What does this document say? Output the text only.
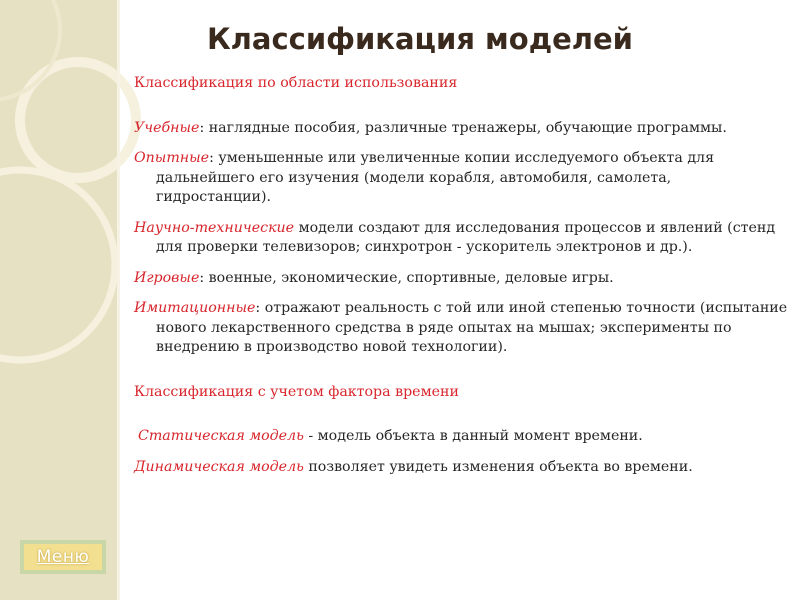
Классификация моделей

Классификация по области использования

Учебные: наглядные пособия, различные тренажеры, обучающие программы.

Опытные: уменьшенные или увеличенные копии исследуемого объекта для дальнейшего его изучения (модели корабля, автомобиля, самолета, гидростанции).

Научно-технические модели создают для исследования процессов и явлений (стенд для проверки телевизоров; синхротрон - ускоритель электронов и др.).

Игровые: военные, экономические, спортивные, деловые игры.

Имитационные: отражают реальность с той или иной степенью точности (испытание нового лекарственного средства в ряде опытах на мышах; эксперименты по внедрению в производство новой технологии).

Классификация с учетом фактора времени

Статическая модель - модель объекта в данный момент времени.

Динамическая модель позволяет увидеть изменения объекта во времени.

Меню
